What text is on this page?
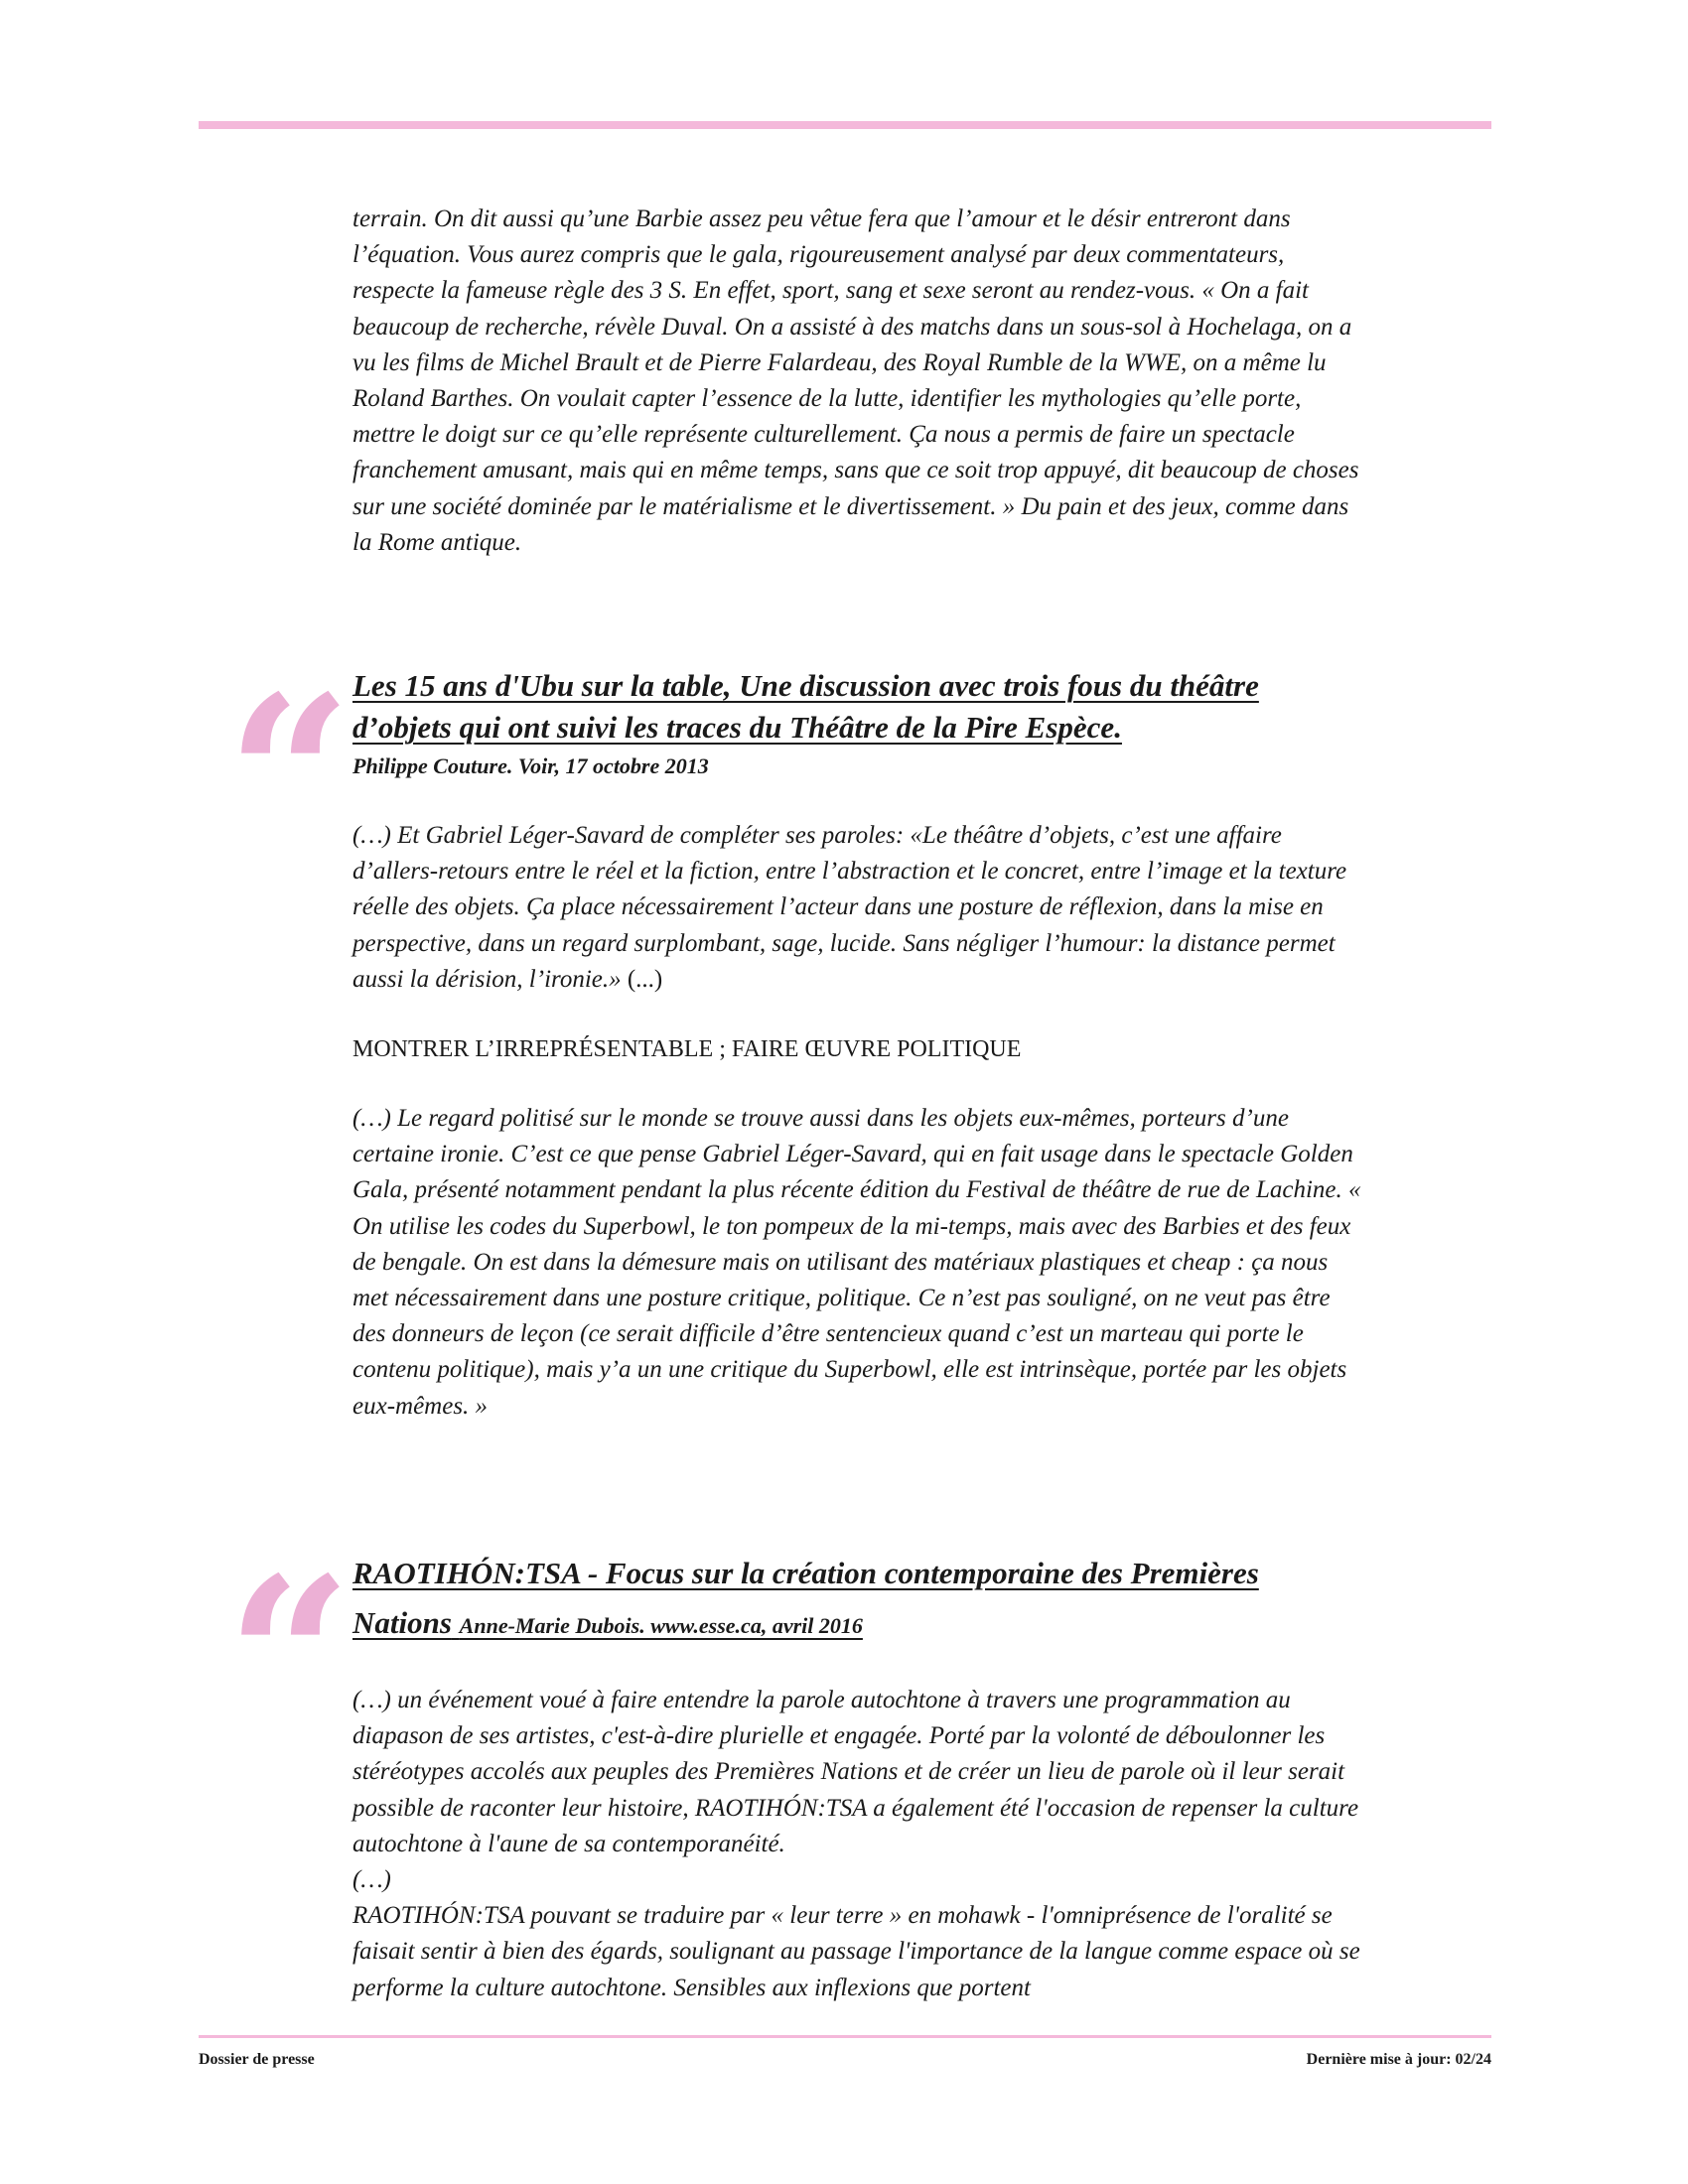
terrain. On dit aussi qu’une Barbie assez peu vêtue fera que l’amour et le désir entreront dans l’équation. Vous aurez compris que le gala, rigoureusement analysé par deux commentateurs, respecte la fameuse règle des 3 S. En effet, sport, sang et sexe seront au rendez-vous. « On a fait beaucoup de recherche, révèle Duval. On a assisté à des matchs dans un sous-sol à Hochelaga, on a vu les films de Michel Brault et de Pierre Falardeau, des Royal Rumble de la WWE, on a même lu Roland Barthes. On voulait capter l’essence de la lutte, identifier les mythologies qu’elle porte, mettre le doigt sur ce qu’elle représente culturellement. Ça nous a permis de faire un spectacle franchement amusant, mais qui en même temps, sans que ce soit trop appuyé, dit beaucoup de choses sur une société dominée par le matérialisme et le divertissement. » Du pain et des jeux, comme dans la Rome antique.

“ Les 15 ans d'Ubu sur la table, Une discussion avec trois fous du théâtre d’objets qui ont suivi les traces du Théâtre de la Pire Espèce.
Philippe Couture. Voir, 17 octobre 2013

(…) Et Gabriel Léger-Savard de compléter ses paroles: «Le théâtre d’objets, c’est une affaire d’allers-retours entre le réel et la fiction, entre l’abstraction et le concret, entre l’image et la texture réelle des objets. Ça place nécessairement l’acteur dans une posture de réflexion, dans la mise en perspective, dans un regard surplombant, sage, lucide. Sans négliger l’humour: la distance permet aussi la dérision, l’ironie.» (...)

MONTRER L’IRREPRÉSENTABLE ; FAIRE ŒUVRE POLITIQUE

(…) Le regard politisé sur le monde se trouve aussi dans les objets eux-mêmes, porteurs d’une certaine ironie. C’est ce que pense Gabriel Léger-Savard, qui en fait usage dans le spectacle Golden Gala, présenté notamment pendant la plus récente édition du Festival de théâtre de rue de Lachine. « On utilise les codes du Superbowl, le ton pompeux de la mi-temps, mais avec des Barbies et des feux de bengale. On est dans la démesure mais on utilisant des matériaux plastiques et cheap : ça nous met nécessairement dans une posture critique, politique. Ce n’est pas souligné, on ne veut pas être des donneurs de leçon (ce serait difficile d’être sentencieux quand c’est un marteau qui porte le contenu politique), mais y’a un une critique du Superbowl, elle est intrinsèque, portée par les objets eux-mêmes. »

“ RAOTIHÓN:TSA - Focus sur la création contemporaine des Premières Nations Anne-Marie Dubois. www.esse.ca, avril 2016

(…) un événement voué à faire entendre la parole autochtone à travers une programmation au diapason de ses artistes, c'est-à-dire plurielle et engagée. Porté par la volonté de déboulonner les stéréotypes accolés aux peuples des Premières Nations et de créer un lieu de parole où il leur serait possible de raconter leur histoire, RAOTIHÓN:TSA a également été l'occasion de repenser la culture autochtone à l'aune de sa contemporanéité.

(…)

RAOTIHÓN:TSA pouvant se traduire par « leur terre » en mohawk - l'omniprésence de l'oralité se faisait sentir à bien des égards, soulignant au passage l'importance de la langue comme espace où se performe la culture autochtone. Sensibles aux inflexions que portent

Dossier de presse	Dernière mise à jour: 02/24
